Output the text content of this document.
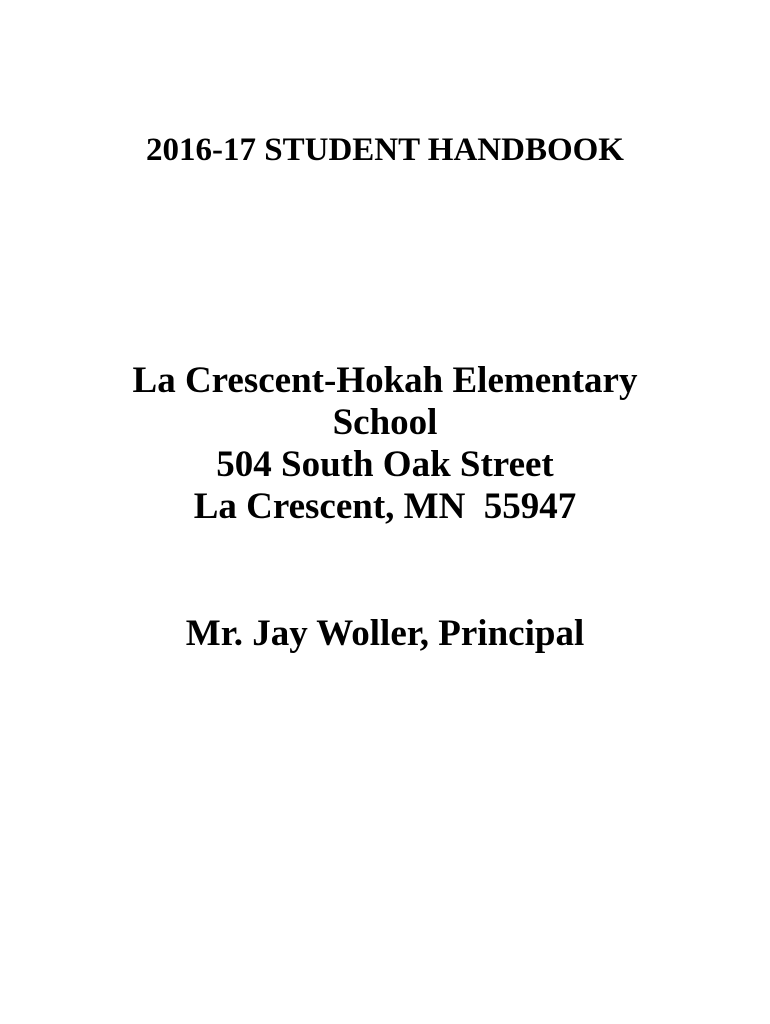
2016-17 STUDENT HANDBOOK
La Crescent-Hokah Elementary
School
504 South Oak Street
La Crescent, MN  55947
Mr. Jay Woller, Principal
